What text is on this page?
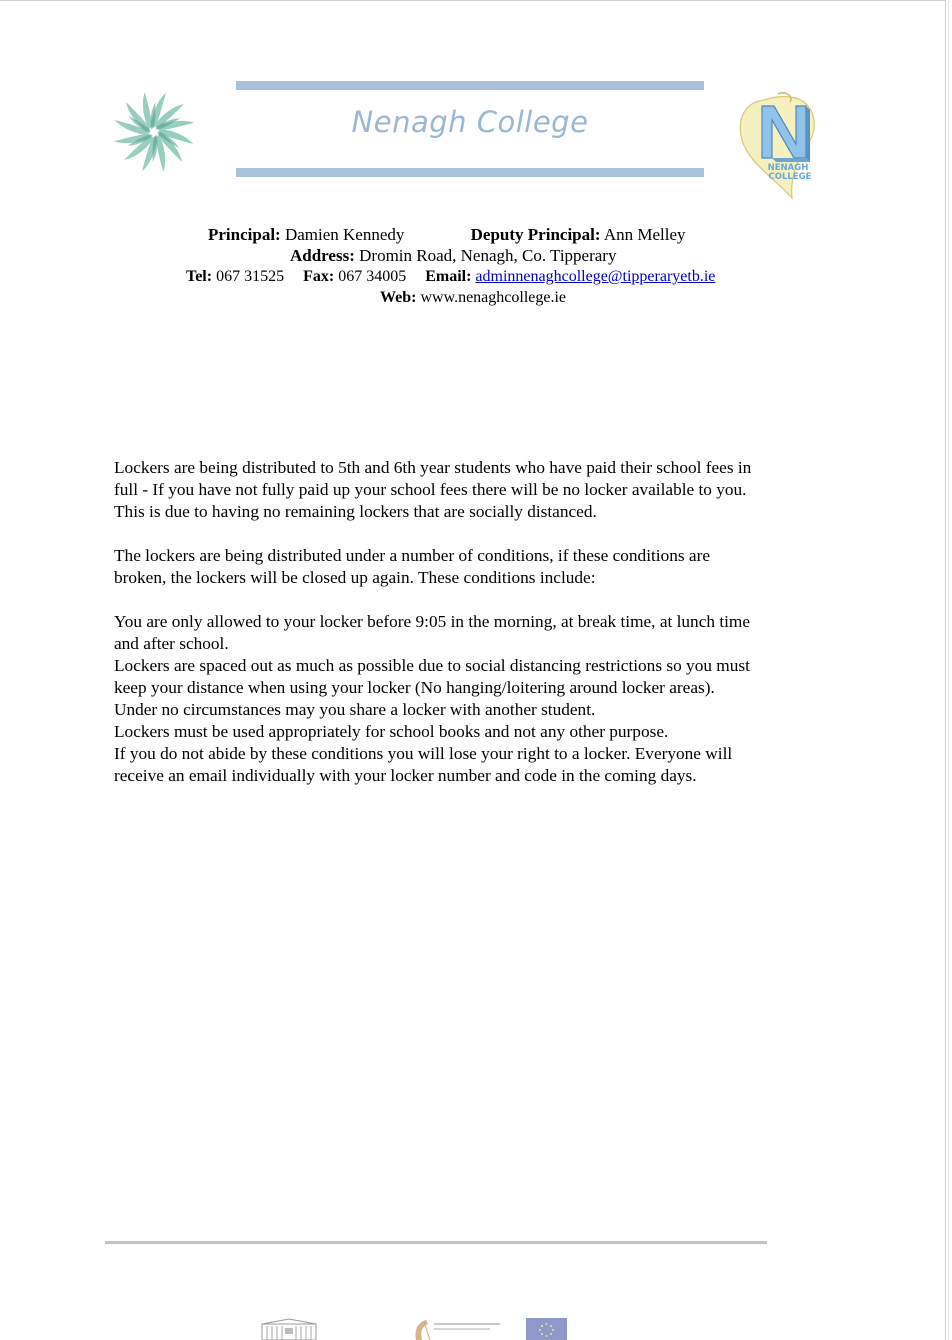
Nenagh College
NENAGH
COLLEGE
Principal: Damien Kennedy	Deputy Principal: Ann Melley
Address: Dromin Road, Nenagh, Co. Tipperary
Tel: 067 31525 Fax: 067 34005 Email: adminnenaghcollege@tipperaryetb.ie
Web: www.nenaghcollege.ie
Lockers are being distributed to 5th and 6th year students who have paid their school fees in
full - If you have not fully paid up your school fees there will be no locker available to you.
This is due to having no remaining lockers that are socially distanced.
The lockers are being distributed under a number of conditions, if these conditions are
broken, the lockers will be closed up again. These conditions include:
You are only allowed to your locker before 9:05 in the morning, at break time, at lunch time
and after school.
Lockers are spaced out as much as possible due to social distancing restrictions so you must
keep your distance when using your locker (No hanging/loitering around locker areas).
Under no circumstances may you share a locker with another student.
Lockers must be used appropriately for school books and not any other purpose.
If you do not abide by these conditions you will lose your right to a locker. Everyone will
receive an email individually with your locker number and code in the coming days.
